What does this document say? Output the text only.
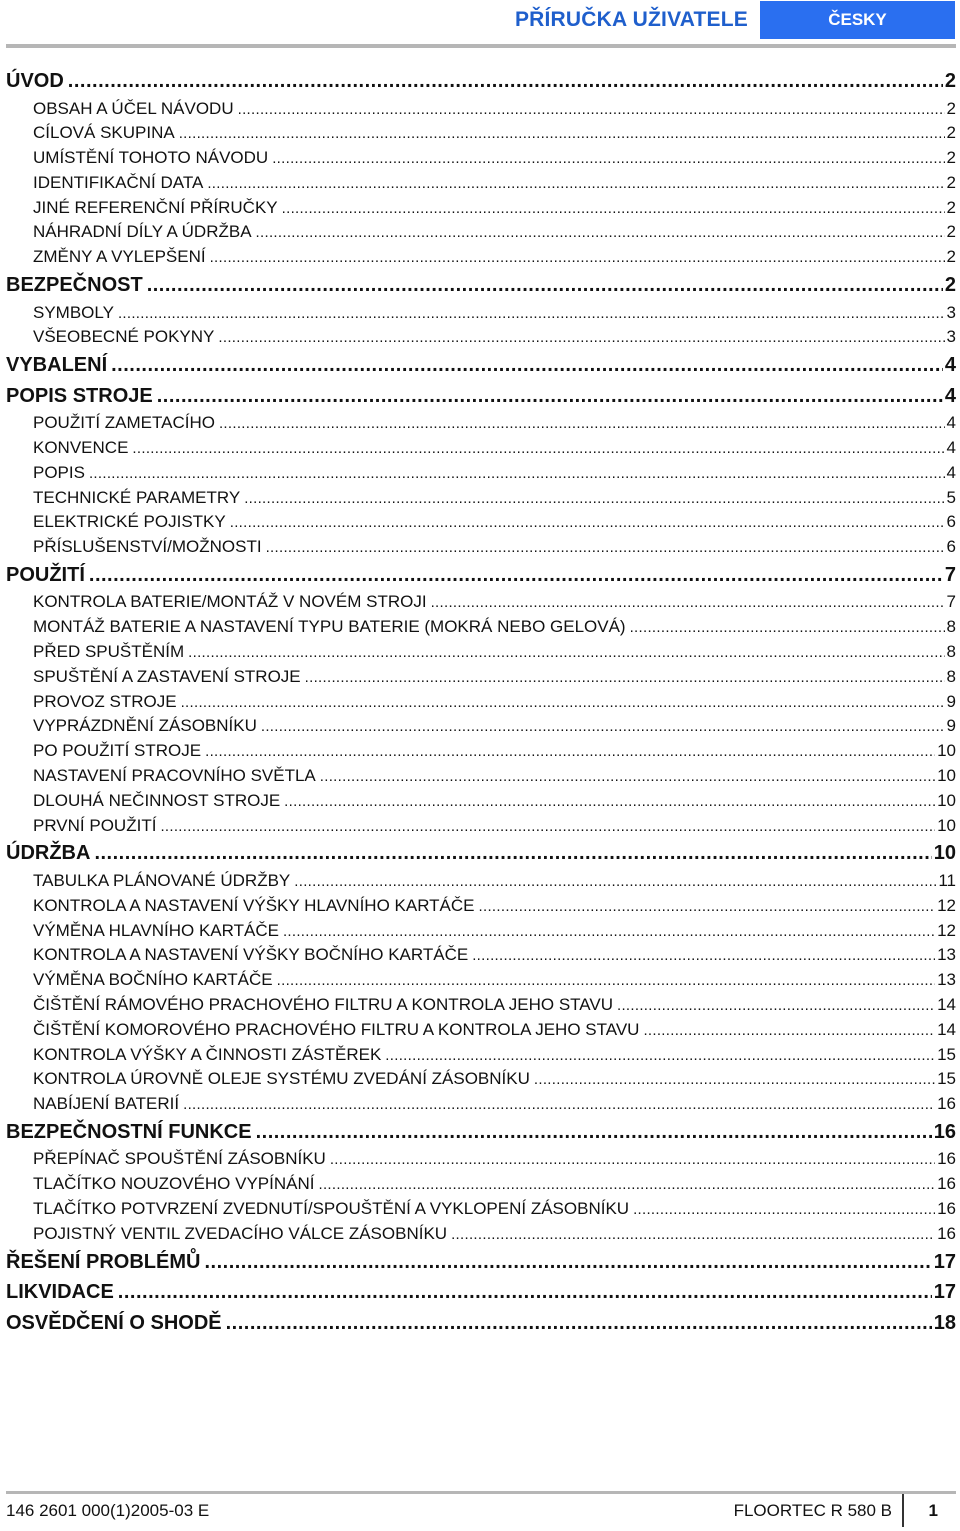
PŘÍRUČKA UŽIVATELE	ČESKY
ÚVOD .....	2
OBSAH A ÚČEL NÁVODU .....	2
CÍLOVÁ SKUPINA .....	2
UMÍSTĚNÍ TOHOTO NÁVODU .....	2
IDENTIFIKAČNÍ DATA .....	2
JINÉ REFERENČNÍ PŘÍRUČKY .....	2
NÁHRADNÍ DÍLY A ÚDRŽBA .....	2
ZMĚNY A VYLEPŠENÍ .....	2
BEZPEČNOST .....	2
SYMBOLY .....	3
VŠEOBECNÉ POKYNY .....	3
VYBALENÍ .....	4
POPIS STROJE .....	4
POUŽITÍ ZAMETACÍHO .....	4
KONVENCE .....	4
POPIS .....	4
TECHNICKÉ PARAMETRY .....	5
ELEKTRICKÉ POJISTKY .....	6
PŘÍSLUŠENSTVÍ/MOŽNOSTI .....	6
POUŽITÍ .....	7
KONTROLA BATERIE/MONTÁŽ V NOVÉM STROJI .....	7
MONTÁŽ BATERIE A NASTAVENÍ TYPU BATERIE (MOKRÁ NEBO GELOVÁ) .....	8
PŘED SPUŠTĚNÍM .....	8
SPUŠTĚNÍ A ZASTAVENÍ STROJE .....	8
PROVOZ STROJE .....	9
VYPRÁZDNĚNÍ ZÁSOBNÍKU .....	9
PO POUŽITÍ STROJE .....	10
NASTAVENÍ PRACOVNÍHO SVĚTLA .....	10
DLOUHÁ NEČINNOST STROJE .....	10
PRVNÍ POUŽITÍ .....	10
ÚDRŽBA .....	10
TABULKA PLÁNOVANÉ ÚDRŽBY .....	11
KONTROLA A NASTAVENÍ VÝŠKY HLAVNÍHO KARTÁČE .....	12
VÝMĚNA HLAVNÍHO KARTÁČE .....	12
KONTROLA A NASTAVENÍ VÝŠKY BOČNÍHO KARTÁČE .....	13
VÝMĚNA BOČNÍHO KARTÁČE .....	13
ČIŠTĚNÍ RÁMOVÉHO PRACHOVÉHO FILTRU A KONTROLA JEHO STAVU .....	14
ČIŠTĚNÍ KOMOROVÉHO PRACHOVÉHO FILTRU A KONTROLA JEHO STAVU .....	14
KONTROLA VÝŠKY A ČINNOSTI ZÁSTĚREK .....	15
KONTROLA ÚROVNĚ OLEJE SYSTÉMU ZVEDÁNÍ ZÁSOBNÍKU .....	15
NABÍJENÍ BATERIÍ .....	16
BEZPEČNOSTNÍ FUNKCE .....	16
PŘEPÍNAČ SPOUŠTĚNÍ ZÁSOBNÍKU .....	16
TLAČÍTKO NOUZOVÉHO VYPÍNÁNÍ .....	16
TLAČÍTKO POTVRZENÍ ZVEDNUTÍ/SPOUŠTĚNÍ A VYKLOPENÍ ZÁSOBNÍKU .....	16
POJISTNÝ VENTIL ZVEDACÍHO VÁLCE ZÁSOBNÍKU .....	16
ŘEŠENÍ PROBLÉMŮ .....	17
LIKVIDACE .....	17
OSVĚDČENÍ O SHODĚ .....	18
146 2601 000(1)2005-03 E	FLOORTEC R 580 B 1
